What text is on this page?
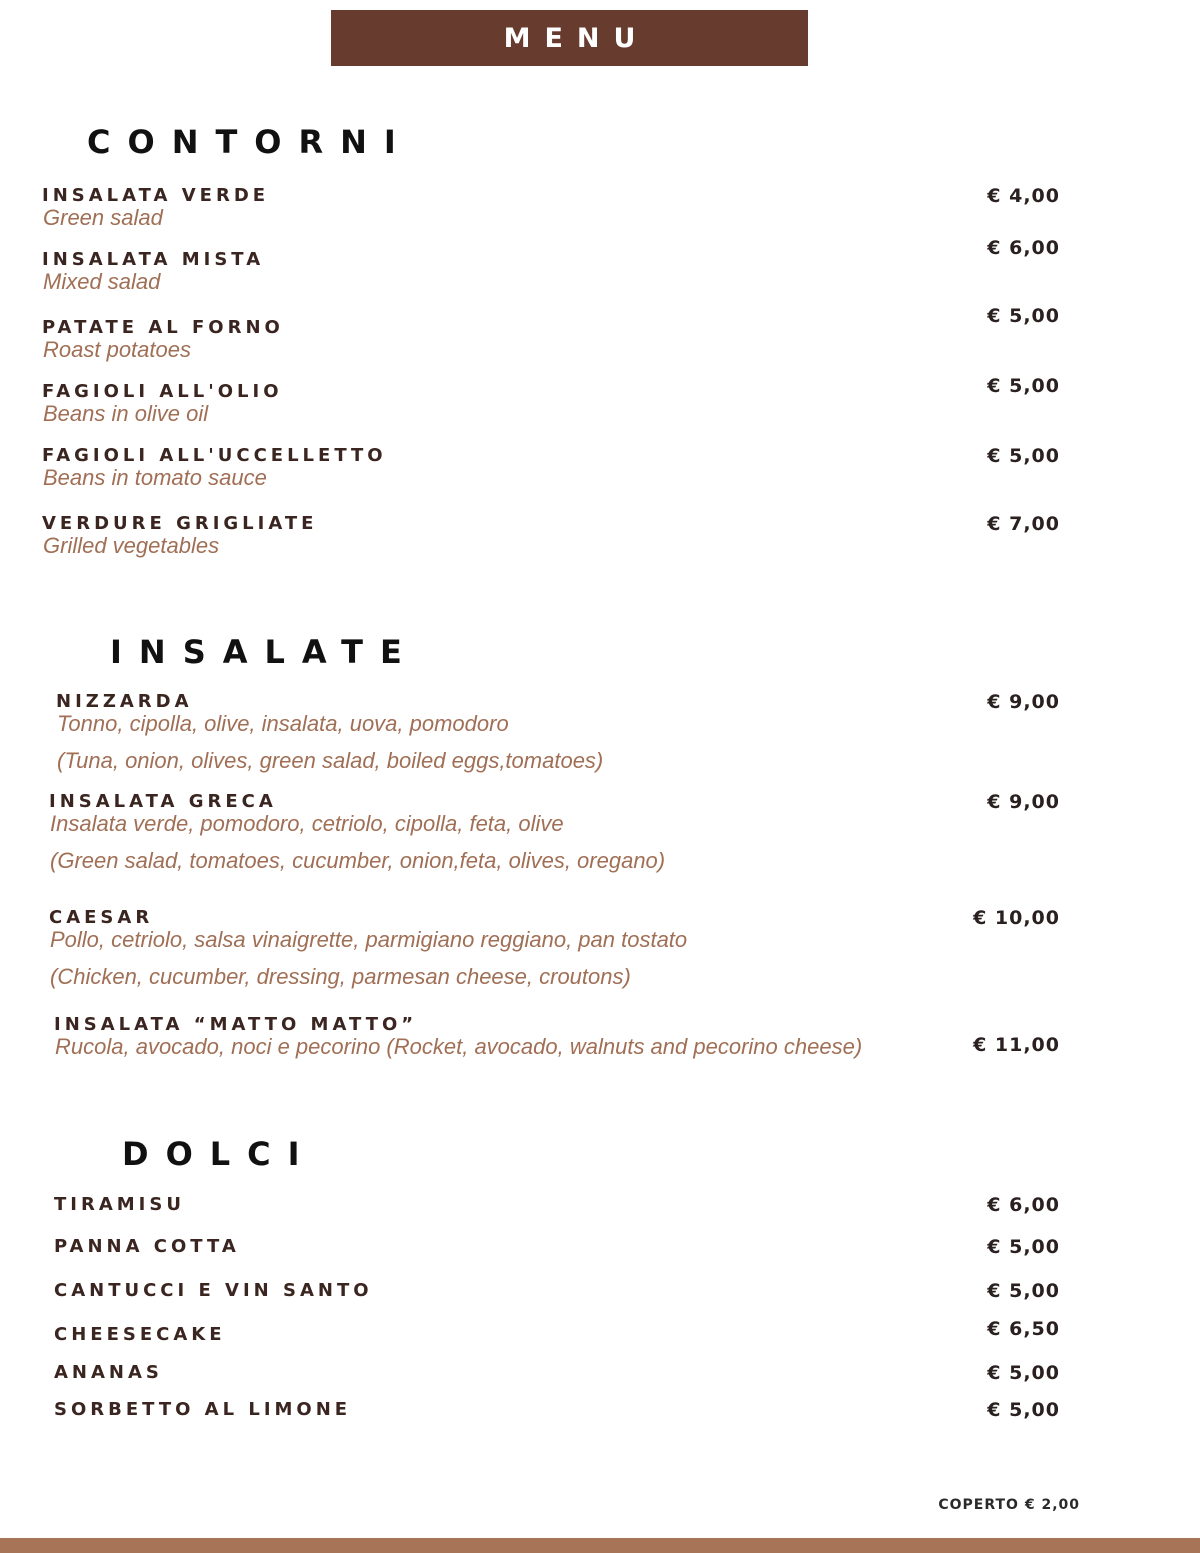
MENU
CONTORNI
INSALATA VERDE
Green salad
€ 4,00
INSALATA MISTA
Mixed salad
€ 6,00
PATATE AL FORNO
Roast potatoes
€ 5,00
FAGIOLI ALL'OLIO
Beans in olive oil
€ 5,00
FAGIOLI ALL'UCCELLETTO
Beans in tomato sauce
€ 5,00
VERDURE GRIGLIATE
Grilled vegetables
€ 7,00
INSALATE
NIZZARDA
Tonno, cipolla, olive, insalata, uova, pomodoro
(Tuna, onion, olives, green salad, boiled eggs,tomatoes)
€ 9,00
INSALATA GRECA
Insalata verde, pomodoro, cetriolo, cipolla, feta, olive
(Green salad, tomatoes, cucumber, onion,feta, olives, oregano)
€ 9,00
CAESAR
Pollo, cetriolo, salsa vinaigrette, parmigiano reggiano, pan tostato
(Chicken, cucumber, dressing, parmesan cheese, croutons)
€ 10,00
INSALATA “MATTO MATTO”
Rucola, avocado, noci e pecorino (Rocket, avocado, walnuts and pecorino cheese)	€ 11,00
DOLCI
TIRAMISU	€ 6,00
PANNA COTTA	€ 5,00
CANTUCCI E VIN SANTO	€ 5,00
CHEESECAKE	€ 6,50
ANANAS	€ 5,00
SORBETTO AL LIMONE	€ 5,00
COPERTO € 2,00
